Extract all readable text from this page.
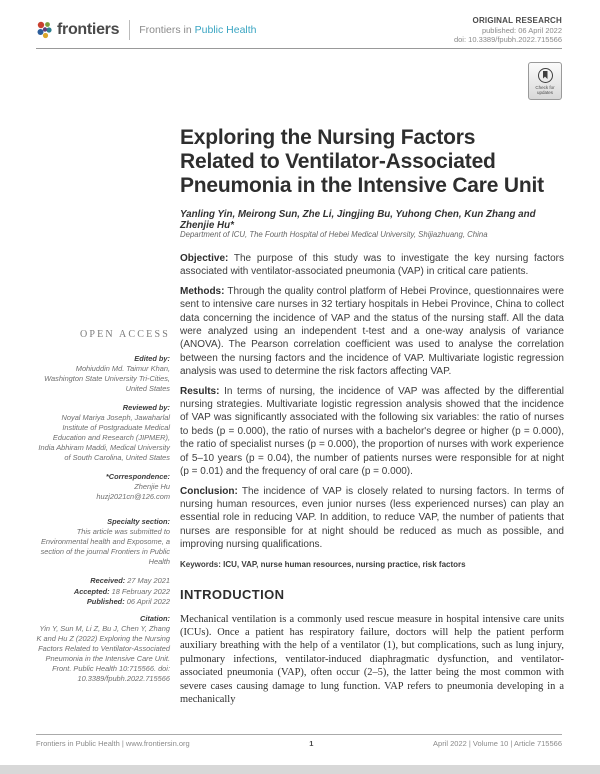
frontiers Frontiers in Public Health
ORIGINAL RESEARCH
published: 06 April 2022
doi: 10.3389/fpubh.2022.715566
Check for updates
Exploring the Nursing Factors
Related to Ventilator-Associated
Pneumonia in the Intensive Care Unit
Yanling Yin, Meirong Sun, Zhe Li, Jingjing Bu, Yuhong Chen, Kun Zhang and Zhenjie Hu*
Department of ICU, The Fourth Hospital of Hebei Medical University, Shijiazhuang, China

Objective: The purpose of this study was to investigate the key nursing factors associated with ventilator-associated pneumonia (VAP) in critical care patients.

Methods: Through the quality control platform of Hebei Province, questionnaires were sent to intensive care nurses in 32 tertiary hospitals in Hebei Province, China to collect data concerning the incidence of VAP and the status of the nursing staff. All the data were analyzed using an independent t-test and a one-way analysis of variance (ANOVA). The Pearson correlation coefficient was used to analyse the correlation between the nursing factors and the incidence of VAP. Multivariate logistic regression analysis was used to determine the risk factors affecting VAP.

Results: In terms of nursing, the incidence of VAP was affected by the differential nursing strategies. Multivariate logistic regression analysis showed that the incidence of VAP was significantly associated with the following six variables: the ratio of nurses to beds (p = 0.000), the ratio of nurses with a bachelor's degree or higher (p = 0.000), the ratio of specialist nurses (p = 0.000), the proportion of nurses with work experience of 5–10 years (p = 0.04), the number of patients nurses were responsible for at night (p = 0.01) and the frequency of oral care (p = 0.000).

Conclusion: The incidence of VAP is closely related to nursing factors. In terms of nursing human resources, even junior nurses (less experienced nurses) can play an essential role in reducing VAP. In addition, to reduce VAP, the number of patients that nurses are responsible for at night should be reduced as much as possible, and improving nursing qualifications.

Keywords: ICU, VAP, nurse human resources, nursing practice, risk factors
INTRODUCTION

Mechanical ventilation is a commonly used rescue measure in hospital intensive care units (ICUs). Once a patient has respiratory failure, doctors will help the patient perform auxiliary breathing with the help of a ventilator (1), but complications, such as lung injury, pulmonary infections, ventilator-induced diaphragmatic dysfunction, and ventilator-associated pneumonia (VAP), often occur (2–5), the latter being the most common with severe cases causing damage to lung function. VAP refers to pneumonia developing in a mechanically

OPEN ACCESS
Edited by:
Mohiuddin Md. Taimur Khan, Washington State University Tri-Cities, United States
Reviewed by:
Noyal Mariya Joseph, Jawaharlal Institute of Postgraduate Medical Education and Research (JIPMER), India Abhiram Maddi, Medical University of South Carolina, United States
*Correspondence:
Zhenjie Hu
huzj2021cn@126.com
Specialty section:
This article was submitted to Environmental health and Exposome, a section of the journal Frontiers in Public Health
Received: 27 May 2021
Accepted: 18 February 2022
Published: 06 April 2022
Citation:
Yin Y, Sun M, Li Z, Bu J, Chen Y, Zhang K and Hu Z (2022) Exploring the Nursing Factors Related to Ventilator-Associated Pneumonia in the Intensive Care Unit. Front. Public Health 10:715566. doi: 10.3389/fpubh.2022.715566
Frontiers in Public Health | www.frontiersin.org	1	April 2022 | Volume 10 | Article 715566
